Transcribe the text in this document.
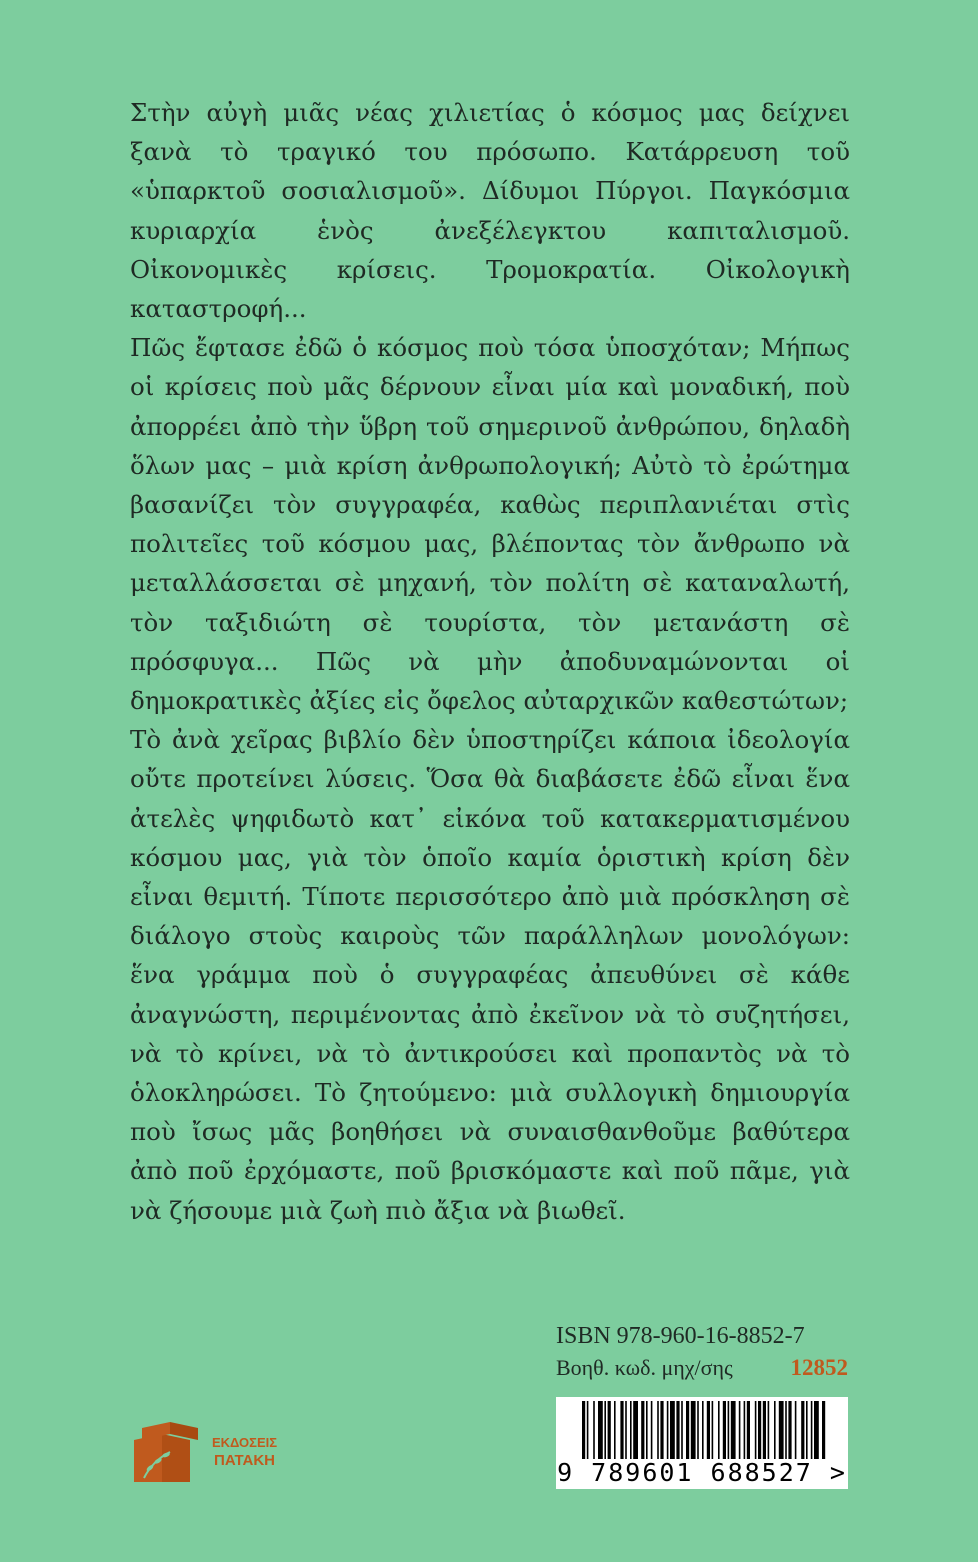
Στὴν αὐγὴ μιᾶς νέας χιλιετίας ὁ κόσμος μας δείχνει ξανὰ τὸ τραγικό του πρόσωπο. Κατάρρευση τοῦ «ὑπαρκτοῦ σοσιαλισμοῦ». Δίδυμοι Πύργοι. Παγκόσμια κυριαρχία ἑνὸς ἀνεξέλεγκτου καπιταλισμοῦ. Οἰκονομικὲς κρίσεις. Τρομοκρατία. Οἰκολογικὴ καταστροφή...

Πῶς ἔφτασε ἐδῶ ὁ κόσμος ποὺ τόσα ὑποσχόταν; Μήπως οἱ κρίσεις ποὺ μᾶς δέρνουν εἶναι μία καὶ μοναδική, ποὺ ἀπορρέει ἀπὸ τὴν ὕβρη τοῦ σημερινοῦ ἀνθρώπου, δηλαδὴ ὅλων μας – μιὰ κρίση ἀνθρωπολογική; Αὐτὸ τὸ ἐρώτημα βασανίζει τὸν συγγραφέα, καθὼς περιπλανιέται στὶς πολιτεῖες τοῦ κόσμου μας, βλέποντας τὸν ἄνθρωπο νὰ μεταλλάσσεται σὲ μηχανή, τὸν πολίτη σὲ καταναλωτή, τὸν ταξιδιώτη σὲ τουρίστα, τὸν μετανάστη σὲ πρόσφυγα... Πῶς νὰ μὴν ἀποδυναμώνονται οἱ δημοκρατικὲς ἀξίες εἰς ὄφελος αὐταρχικῶν καθεστώτων;

Τὸ ἀνὰ χεῖρας βιβλίο δὲν ὑποστηρίζει κάποια ἰδεολογία οὔτε προτείνει λύσεις. Ὅσα θὰ διαβάσετε ἐδῶ εἶναι ἕνα ἀτελὲς ψηφιδωτὸ κατ᾽ εἰκόνα τοῦ κατακερματισμένου κόσμου μας, γιὰ τὸν ὁποῖο καμία ὁριστικὴ κρίση δὲν εἶναι θεμιτή. Τίποτε περισσότερο ἀπὸ μιὰ πρόσκληση σὲ διάλογο στοὺς καιροὺς τῶν παράλληλων μονολόγων: ἕνα γράμμα ποὺ ὁ συγγραφέας ἀπευθύνει σὲ κάθε ἀναγνώστη, περιμένοντας ἀπὸ ἐκεῖνον νὰ τὸ συζητήσει, νὰ τὸ κρίνει, νὰ τὸ ἀντικρούσει καὶ προπαντὸς νὰ τὸ ὁλοκληρώσει. Τὸ ζητούμενο: μιὰ συλλογικὴ δημιουργία ποὺ ἴσως μᾶς βοηθήσει νὰ συναισθανθοῦμε βαθύτερα ἀπὸ ποῦ ἐρχόμαστε, ποῦ βρισκόμαστε καὶ ποῦ πᾶμε, γιὰ νὰ ζήσουμε μιὰ ζωὴ πιὸ ἄξια νὰ βιωθεῖ.

ISBN 978-960-16-8852-7
Βοηθ. κωδ. μηχ/σης	12852
9 789601 688527 >
ΕΚΔΟΣΕΙΣ
ΠΑΤΑΚΗ
